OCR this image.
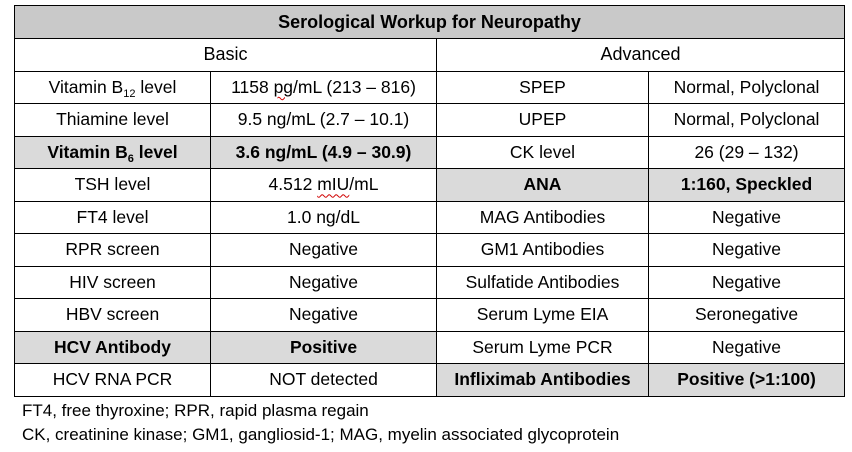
Serological Workup for Neuropathy			
Basic		Advanced	
Vitamin $B_{12}$ level	1158 pg/mL (213 – 816)	SPEP	Normal, Polyclonal
Thiamine level	9.5 ng/mL (2.7 – 10.1)	UPEP	Normal, Polyclonal
Vitamin $B_6$ level	3.6 ng/mL (4.9 – 30.9)	CK level	26 (29 – 132)
TSH level	4.512 mIU/mL	ANA	1:160, Speckled
FT4 level	1.0 ng/dL	MAG Antibodies	Negative
RPR screen	Negative	GM1 Antibodies	Negative
HIV screen	Negative	Sulfatide Antibodies	Negative
HBV screen	Negative	Serum Lyme EIA	Seronegative
HCV Antibody	Positive	Serum Lyme PCR	Negative
HCV RNA PCR	NOT detected	Infliximab Antibodies	Positive (>1:100)
FT4, free thyroxine; RPR, rapid plasma regain
CK, creatinine kinase; GM1, gangliosid-1; MAG, myelin associated glycoprotein
